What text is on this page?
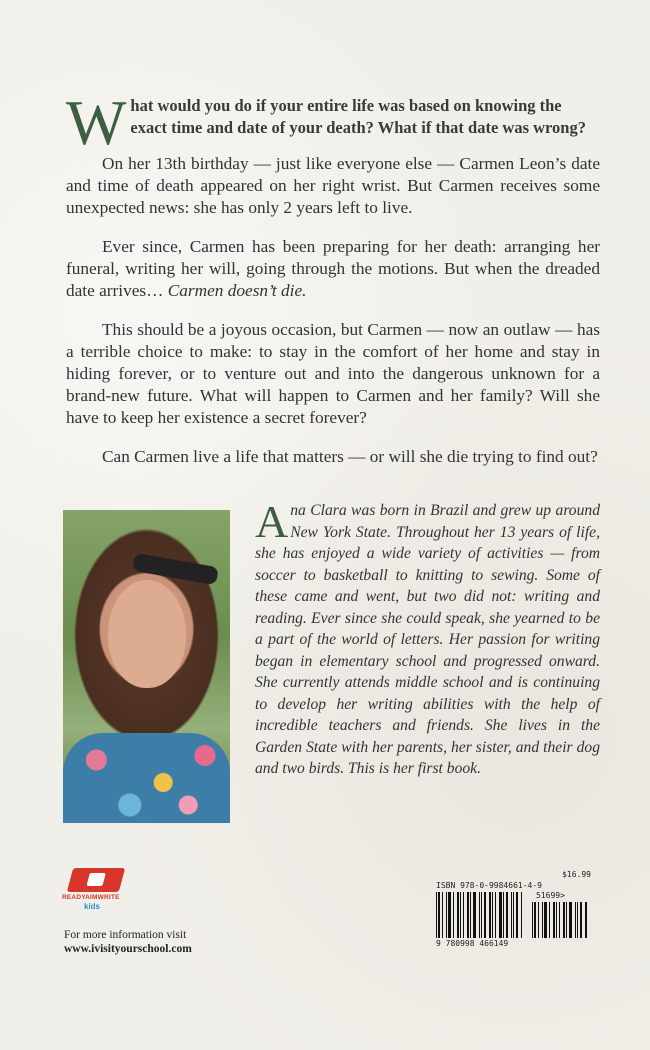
What would you do if your entire life was based on knowing the exact time and date of your death? What if that date was wrong?

On her 13th birthday — just like everyone else — Carmen Leon’s date and time of death appeared on her right wrist. But Carmen receives some unexpected news: she has only 2 years left to live.

Ever since, Carmen has been preparing for her death: arranging her funeral, writing her will, going through the motions. But when the dreaded date arrives… Carmen doesn’t die.

This should be a joyous occasion, but Carmen — now an outlaw — has a terrible choice to make: to stay in the comfort of her home and stay in hiding forever, or to venture out and into the dangerous unknown for a brand-new future. What will happen to Carmen and her family? Will she have to keep her existence a secret forever?

Can Carmen live a life that matters — or will she die trying to find out?

Ana Clara was born in Brazil and grew up around New York State. Throughout her 13 years of life, she has enjoyed a wide variety of activities — from soccer to basketball to knitting to sewing. Some of these came and went, but two did not: writing and reading. Ever since she could speak, she yearned to be a part of the world of letters. Her passion for writing began in elementary school and progressed onward. She currently attends middle school and is continuing to develop her writing abilities with the help of incredible teachers and friends. She lives in the Garden State with her parents, her sister, and their dog and two birds. This is her first book.

READYAIMWRITE
kids
For more information visit
www.ivisityourschool.com
$16.99
ISBN 978-0-9984661-4-9
51699>
9 780998 466149
